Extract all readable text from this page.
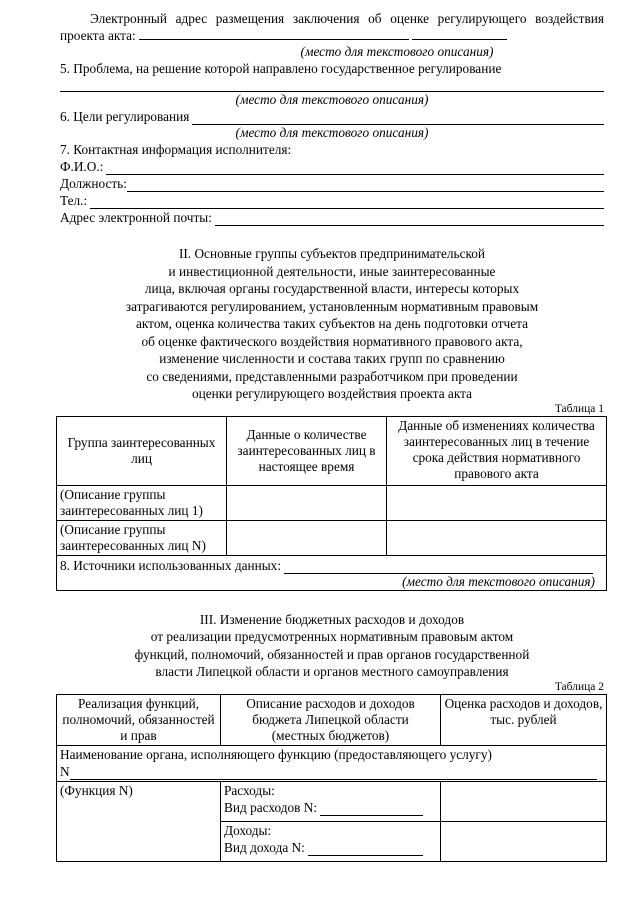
Электронный адрес размещения заключения об оценке регулирующего воздействия проекта акта:

(место для текстового описания)

5. Проблема, на решение которой направлено государственное регулирование

(место для текстового описания)

6. Цели регулирования

(место для текстового описания)

7. Контактная информация исполнителя:

Ф.И.О.:
Должность:
Тел.:
Адрес электронной почты:

II. Основные группы субъектов предпринимательской

и инвестиционной деятельности, иные заинтересованные

лица, включая органы государственной власти, интересы которых

затрагиваются регулированием, установленным нормативным правовым

актом, оценка количества таких субъектов на день подготовки отчета

об оценке фактического воздействия нормативного правового акта,

изменение численности и состава таких групп по сравнению

со сведениями, представленными разработчиком при проведении

оценки регулирующего воздействия проекта акта

Таблица 1

Группа заинтересованных лиц	Данные о количестве заинтересованных лиц в настоящее время	Данные об изменениях количества заинтересованных лиц в течение срока действия нормативного правового акта
(Описание группы заинтересованных лиц 1)		
(Описание группы заинтересованных лиц N)		

8. Источники использованных данных:

(место для текстового описания)		

III. Изменение бюджетных расходов и доходов

от реализации предусмотренных нормативным правовым актом

функций, полномочий, обязанностей и прав органов государственной

власти Липецкой области и органов местного самоуправления

Таблица 2

Реализация функций, полномочий, обязанностей и прав	Описание расходов и доходов бюджета Липецкой области (местных бюджетов)	Оценка расходов и доходов, тыс. рублей

Наименование органа, исполняющего функцию (предоставляющего услугу)
N		

(Функция N)	Расходы:
Вид расходов N:	

	Доходы:
Вид дохода N:	
